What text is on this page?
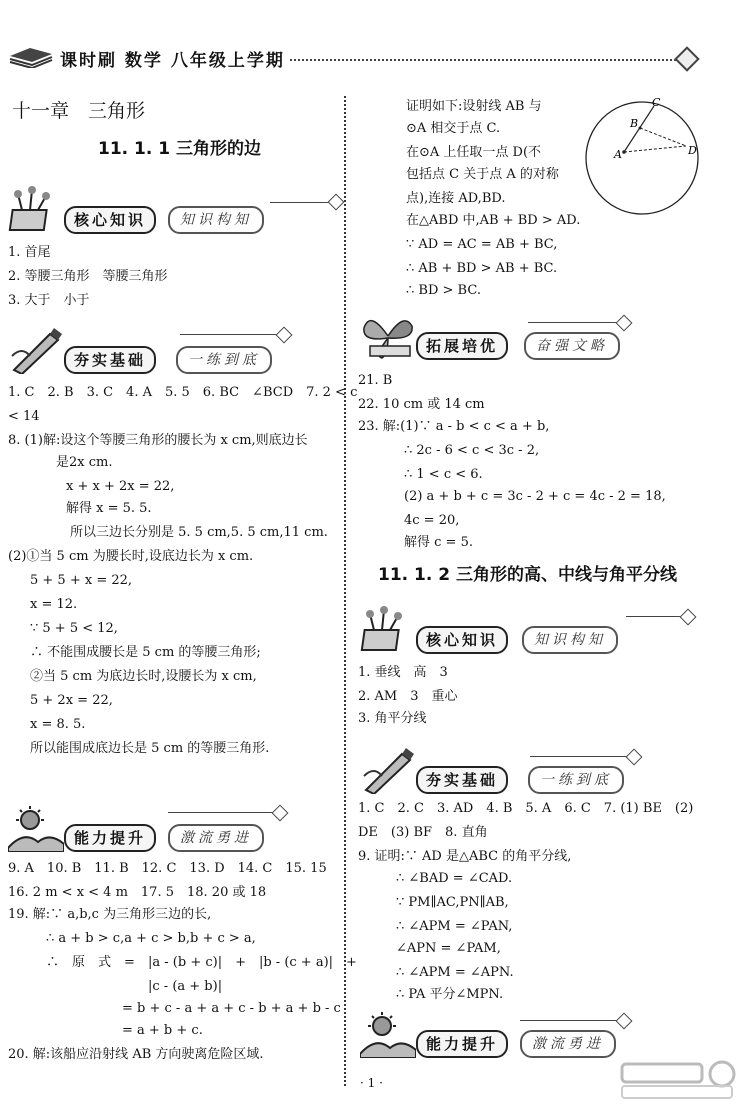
课时刷 数学 八年级上学期
十一章　三角形
11. 1. 1 三角形的边
核心知识	知识构知
1. 首尾
2. 等腰三角形　等腰三角形
3. 大于　小于
夯实基础	一练到底
1. C　2. B　3. C　4. A　5. 5　6. BC　∠BCD　7. 2 < c
< 14
8. (1)解:设这个等腰三角形的腰长为 x cm,则底边长
是2x cm.
x + x + 2x = 22,
解得 x = 5. 5.
所以三边长分别是 5. 5 cm,5. 5 cm,11 cm.
(2)①当 5 cm 为腰长时,设底边长为 x cm.
5 + 5 + x = 22,
x = 12.
∵ 5 + 5 < 12,
∴ 不能围成腰长是 5 cm 的等腰三角形;
②当 5 cm 为底边长时,设腰长为 x cm,
5 + 2x = 22,
x = 8. 5.
所以能围成底边长是 5 cm 的等腰三角形.
能力提升	激流勇进
9. A　10. B　11. B　12. C　13. D　14. C　15. 15
16. 2 m < x < 4 m　17. 5　18. 20 或 18
19. 解:∵ a,b,c 为三角形三边的长,
∴ a + b > c,a + c > b,b + c > a,
∴　原　式　= |a - (b + c)|　+　|b - (c + a)|　+
|c - (a + b)|
= b + c - a + a + c - b + a + b - c
= a + b + c.
20. 解:该船应沿射线 AB 方向驶离危险区域.
证明如下:设射线 AB 与
⊙A 相交于点 C.
在⊙A 上任取一点 D(不
包括点 C 关于点 A 的对称
点),连接 AD,BD.
在△ABD 中,AB + BD > AD.
∵ AD = AC = AB + BC,
∴ AB + BD > AB + BC.
∴ BD > BC.
C
B
A	D
拓展培优	奋强文略
21. B
22. 10 cm 或 14 cm
23. 解:(1)∵ a - b < c < a + b,
∴ 2c - 6 < c < 3c - 2,
∴ 1 < c < 6.
(2) a + b + c = 3c - 2 + c = 4c - 2 = 18,
4c = 20,
解得 c = 5.
11. 1. 2 三角形的高、中线与角平分线
核心知识	知识构知
1. 垂线　高　3
2. AM　3　重心
3. 角平分线
夯实基础	一练到底
1. C　2. C　3. AD　4. B　5. A　6. C　7. (1) BE　(2)
DE　(3) BF　8. 直角
9. 证明:∵ AD 是△ABC 的角平分线,
∴ ∠BAD = ∠CAD.
∵ PM∥AC,PN∥AB,
∴ ∠APM = ∠PAN,
∠APN = ∠PAM,
∴ ∠APM = ∠APN.
∴ PA 平分∠MPN.
能力提升	激流勇进
· 1 ·
